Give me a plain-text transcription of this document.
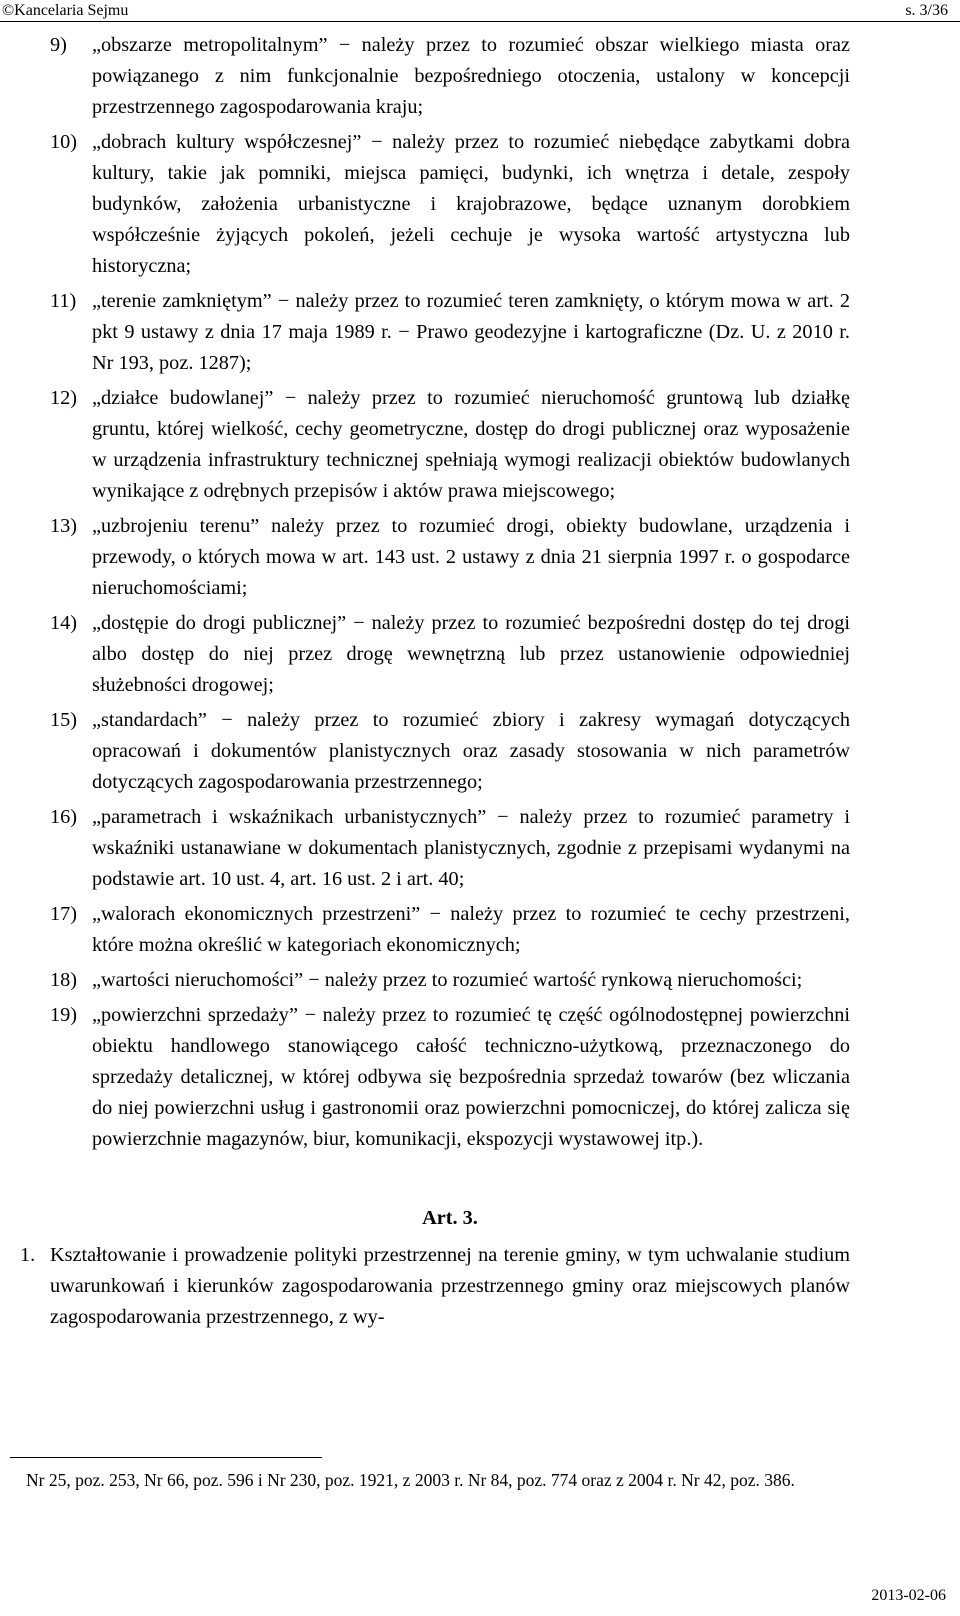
©Kancelaria Sejmu	s. 3/36
9) „obszarze metropolitalnym” − należy przez to rozumieć obszar wielkiego miasta oraz powiązanego z nim funkcjonalnie bezpośredniego otoczenia, ustalony w koncepcji przestrzennego zagospodarowania kraju;
10) „dobrach kultury współczesnej” − należy przez to rozumieć niebędące zabytkami dobra kultury, takie jak pomniki, miejsca pamięci, budynki, ich wnętrza i detale, zespoły budynków, założenia urbanistyczne i krajobrazowe, będące uznanym dorobkiem współcześnie żyjących pokoleń, jeżeli cechuje je wysoka wartość artystyczna lub historyczna;
11) „terenie zamkniętym” − należy przez to rozumieć teren zamknięty, o którym mowa w art. 2 pkt 9 ustawy z dnia 17 maja 1989 r. − Prawo geodezyjne i kartograficzne (Dz. U. z 2010 r. Nr 193, poz. 1287);
12) „działce budowlanej” − należy przez to rozumieć nieruchomość gruntową lub działkę gruntu, której wielkość, cechy geometryczne, dostęp do drogi publicznej oraz wyposażenie w urządzenia infrastruktury technicznej spełniają wymogi realizacji obiektów budowlanych wynikające z odrębnych przepisów i aktów prawa miejscowego;
13) „uzbrojeniu terenu” należy przez to rozumieć drogi, obiekty budowlane, urządzenia i przewody, o których mowa w art. 143 ust. 2 ustawy z dnia 21 sierpnia 1997 r. o gospodarce nieruchomościami;
14) „dostępie do drogi publicznej” − należy przez to rozumieć bezpośredni dostęp do tej drogi albo dostęp do niej przez drogę wewnętrzną lub przez ustanowienie odpowiedniej służebności drogowej;
15) „standardach” − należy przez to rozumieć zbiory i zakresy wymagań dotyczących opracowań i dokumentów planistycznych oraz zasady stosowania w nich parametrów dotyczących zagospodarowania przestrzennego;
16) „parametrach i wskaźnikach urbanistycznych” − należy przez to rozumieć parametry i wskaźniki ustanawiane w dokumentach planistycznych, zgodnie z przepisami wydanymi na podstawie art. 10 ust. 4, art. 16 ust. 2 i art. 40;
17) „walorach ekonomicznych przestrzeni” − należy przez to rozumieć te cechy przestrzeni, które można określić w kategoriach ekonomicznych;
18) „wartości nieruchomości” − należy przez to rozumieć wartość rynkową nieruchomości;
19) „powierzchni sprzedaży” − należy przez to rozumieć tę część ogólnodostępnej powierzchni obiektu handlowego stanowiącego całość techniczno-użytkową, przeznaczonego do sprzedaży detalicznej, w której odbywa się bezpośrednia sprzedaż towarów (bez wliczania do niej powierzchni usług i gastronomii oraz powierzchni pomocniczej, do której zalicza się powierzchnie magazynów, biur, komunikacji, ekspozycji wystawowej itp.).
Art. 3.
1. Kształtowanie i prowadzenie polityki przestrzennej na terenie gminy, w tym uchwalanie studium uwarunkowań i kierunków zagospodarowania przestrzennego gminy oraz miejscowych planów zagospodarowania przestrzennego, z wy-
Nr 25, poz. 253, Nr 66, poz. 596 i Nr 230, poz. 1921, z 2003 r. Nr 84, poz. 774 oraz z 2004 r. Nr 42, poz. 386.
2013-02-06
